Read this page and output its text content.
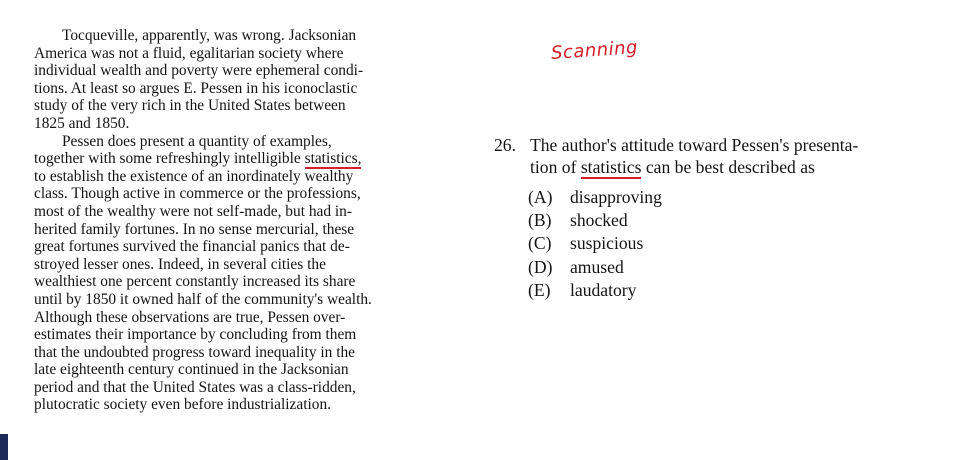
Tocqueville, apparently, was wrong. Jacksonian
America was not a fluid, egalitarian society where
individual wealth and poverty were ephemeral condi-
tions. At least so argues E. Pessen in his iconoclastic
study of the very rich in the United States between
1825 and 1850.
Pessen does present a quantity of examples,
together with some refreshingly intelligible statistics,
to establish the existence of an inordinately wealthy
class. Though active in commerce or the professions,
most of the wealthy were not self-made, but had in-
herited family fortunes. In no sense mercurial, these
great fortunes survived the financial panics that de-
stroyed lesser ones. Indeed, in several cities the
wealthiest one percent constantly increased its share
until by 1850 it owned half of the community's wealth.
Although these observations are true, Pessen over-
estimates their importance by concluding from them
that the undoubted progress toward inequality in the
late eighteenth century continued in the Jacksonian
period and that the United States was a class-ridden,
plutocratic society even before industrialization.
Scanning
26. The author's attitude toward Pessen's presenta-
tion of statistics can be best described as
(A) disapproving
(B) shocked
(C) suspicious
(D) amused
(E) laudatory
